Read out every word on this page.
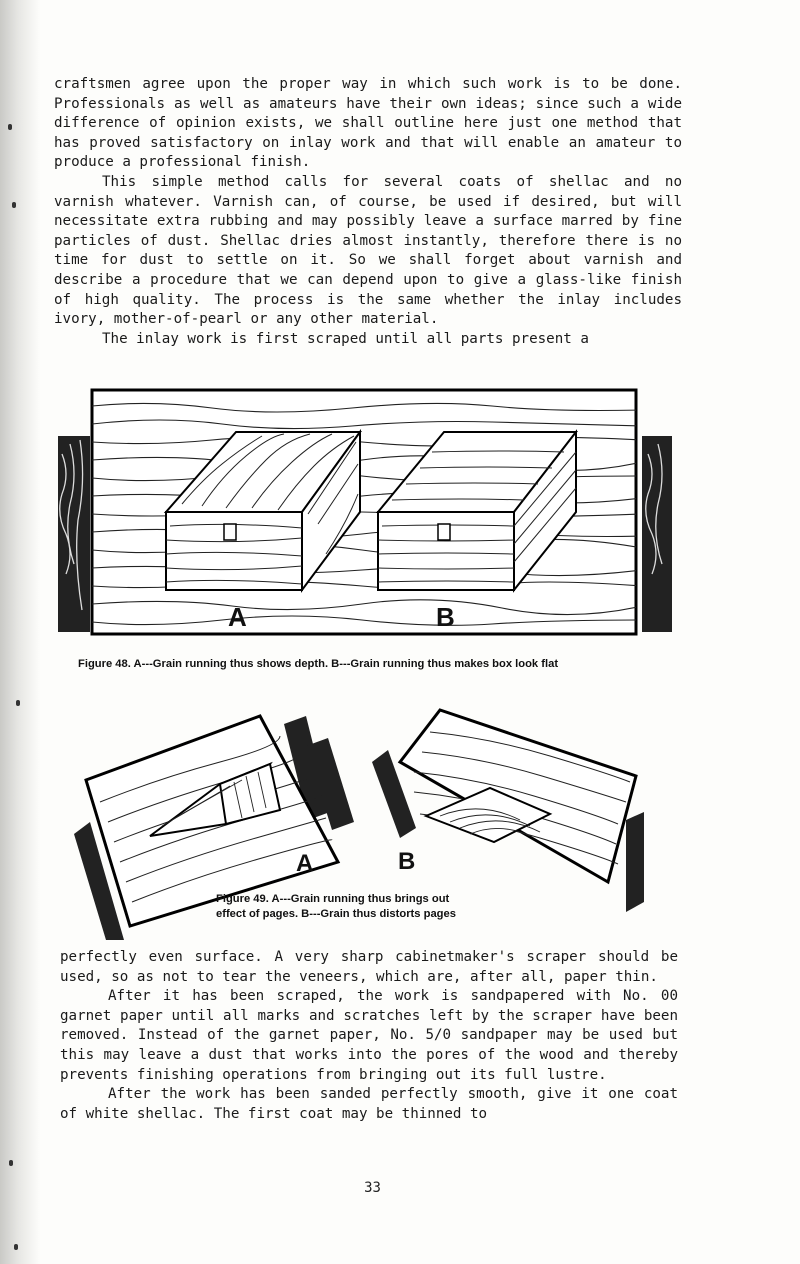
craftsmen agree upon the proper way in which such work is to be done. Professionals as well as amateurs have their own ideas; since such a wide difference of opinion exists, we shall outline here just one method that has proved satisfactory on inlay work and that will enable an amateur to produce a professional finish.

This simple method calls for several coats of shellac and no varnish whatever. Varnish can, of course, be used if desired, but will necessitate extra rubbing and may possibly leave a surface marred by fine particles of dust. Shellac dries almost instantly, therefore there is no time for dust to settle on it. So we shall forget about varnish and describe a procedure that we can depend upon to give a glass-like finish of high quality. The process is the same whether the inlay includes ivory, mother-of-pearl or any other material.

The inlay work is first scraped until all parts present a

A	B
Figure 48. A---Grain running thus shows depth. B---Grain running thus makes box look flat
A	B
Figure 49. A---Grain running thus brings out
effect of pages. B---Grain thus distorts pages

perfectly even surface. A very sharp cabinetmaker's scraper should be used, so as not to tear the veneers, which are, after all, paper thin.

After it has been scraped, the work is sandpapered with No. 00 garnet paper until all marks and scratches left by the scraper have been removed. Instead of the garnet paper, No. 5/0 sandpaper may be used but this may leave a dust that works into the pores of the wood and thereby prevents finishing operations from bringing out its full lustre.

After the work has been sanded perfectly smooth, give it one coat of white shellac. The first coat may be thinned to

33
